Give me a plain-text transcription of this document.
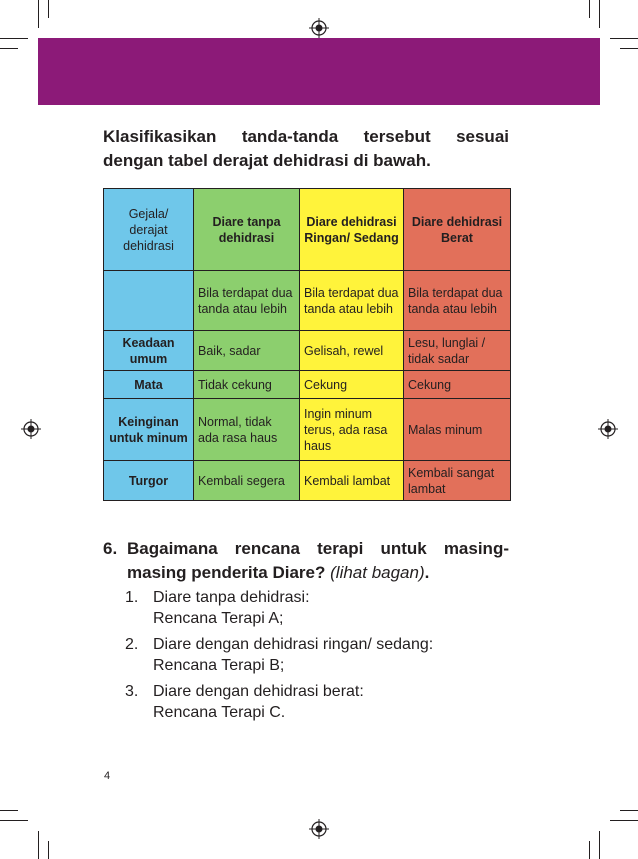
Klasifikasikan tanda-tanda tersebut sesuai
dengan tabel derajat dehidrasi di bawah.
Gejala/ derajat dehidrasi	Diare tanpa dehidrasi	Diare dehidrasi Ringan/ Sedang	Diare dehidrasi Berat
	Bila terdapat dua tanda atau lebih	Bila terdapat dua tanda atau lebih	Bila terdapat dua tanda atau lebih
Keadaan umum	Baik, sadar	Gelisah, rewel	Lesu, lunglai / tidak sadar
Mata	Tidak cekung	Cekung	Cekung
Keinginan untuk minum	Normal, tidak ada rasa haus	Ingin minum terus, ada rasa haus	Malas minum
Turgor	Kembali segera	Kembali lambat	Kembali sangat lambat
6. Bagaimana rencana terapi untuk masing-
masing penderita Diare? (lihat bagan).
1. Diare tanpa dehidrasi:
Rencana Terapi A;
2. Diare dengan dehidrasi ringan/ sedang:
Rencana Terapi B;
3. Diare dengan dehidrasi berat:
Rencana Terapi C.
4
